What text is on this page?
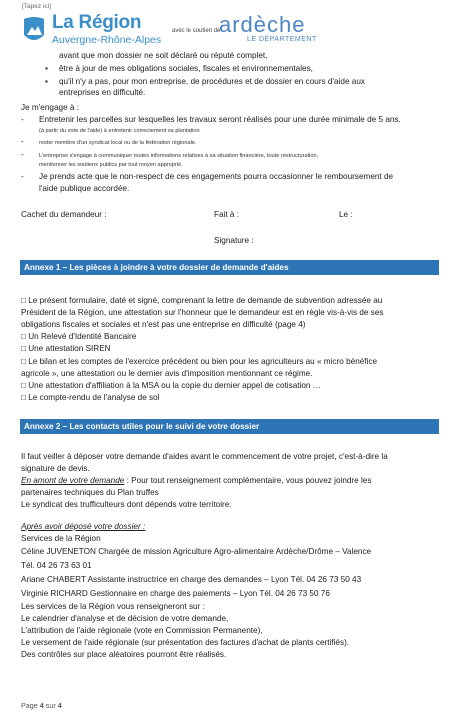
[Tapez ici]
La Région
Auvergne-Rhône-Alpes
avec le soutien de
ardèche
LE DÉPARTEMENT
avant que mon dossier ne soit déclaré ou réputé complet,
▪ être à jour de mes obligations sociales, fiscales et environnementales,
▪ qu'il n'y a pas, pour mon entreprise, de procédures et de dossier en cours d'aide aux
entreprises en difficulté.
Je m'engage à :
- Entretenir les parcelles sur lesquelles les travaux seront réalisés pour une durée minimale de 5 ans.
(à partir du vote de l'aide) à entretenir correctement sa plantation
-	rester membre d'un syndicat local ou de la fédération régionale.
-	L'entreprise s'engage à communiquer toutes informations relatives à sa situation financière, toute restructuration,
mentionner les soutiens publics par tout moyen approprié.
- Je prends acte que le non-respect de ces engagements pourra occasionner le remboursement de
l'aide publique accordée.
Cachet du demandeur :	Fait à :	Le :
Signature :
Annexe 1 – Les pièces à joindre à votre dossier de demande d'aides
□ Le présent formulaire, daté et signé, comprenant la lettre de demande de subvention adressée au
Président de la Région, une attestation sur l'honneur que le demandeur est en règle vis-à-vis de ses
obligations fiscales et sociales et n'est pas une entreprise en difficulté (page 4)
□ Un Relevé d'Identité Bancaire
□ Une attestation SIREN
□ Le bilan et les comptes de l'exercice précédent ou bien pour les agriculteurs au « micro bénéfice
agricole », une attestation ou le dernier avis d'imposition mentionnant ce régime.
□ Une attestation d'affiliation à la MSA ou la copie du dernier appel de cotisation …
□ Le compte-rendu de l'analyse de sol
Annexe 2 – Les contacts utiles pour le suivi de votre dossier
Il faut veiller à déposer votre demande d'aides avant le commencement de votre projet, c'est-à-dire la
signature de devis.
En amont de votre demande : Pour tout renseignement complémentaire, vous pouvez joindre les
partenaires techniques du Plan truffes
Le syndicat des trufficulteurs dont dépends votre territoire.
Après avoir déposé votre dossier :
Services de la Région
Céline JUVENETON Chargée de mission Agriculture Agro-alimentaire Ardèche/Drôme – Valence
Tél. 04 26 73 63 01
Ariane CHABERT Assistante instructrice en charge des demandes – Lyon Tél. 04 26 73 50 43
Virginie RICHARD Gestionnaire en charge des paiements – Lyon Tél. 04 26 73 50 76
Les services de la Région vous renseigneront sur :
Le calendrier d'analyse et de décision de votre demande,
L'attribution de l'aide régionale (vote en Commission Permanente),
Le versement de l'aide régionale (sur présentation des factures d'achat de plants certifiés).
Des contrôles sur place aléatoires pourront être réalisés.
Page 4 sur 4
